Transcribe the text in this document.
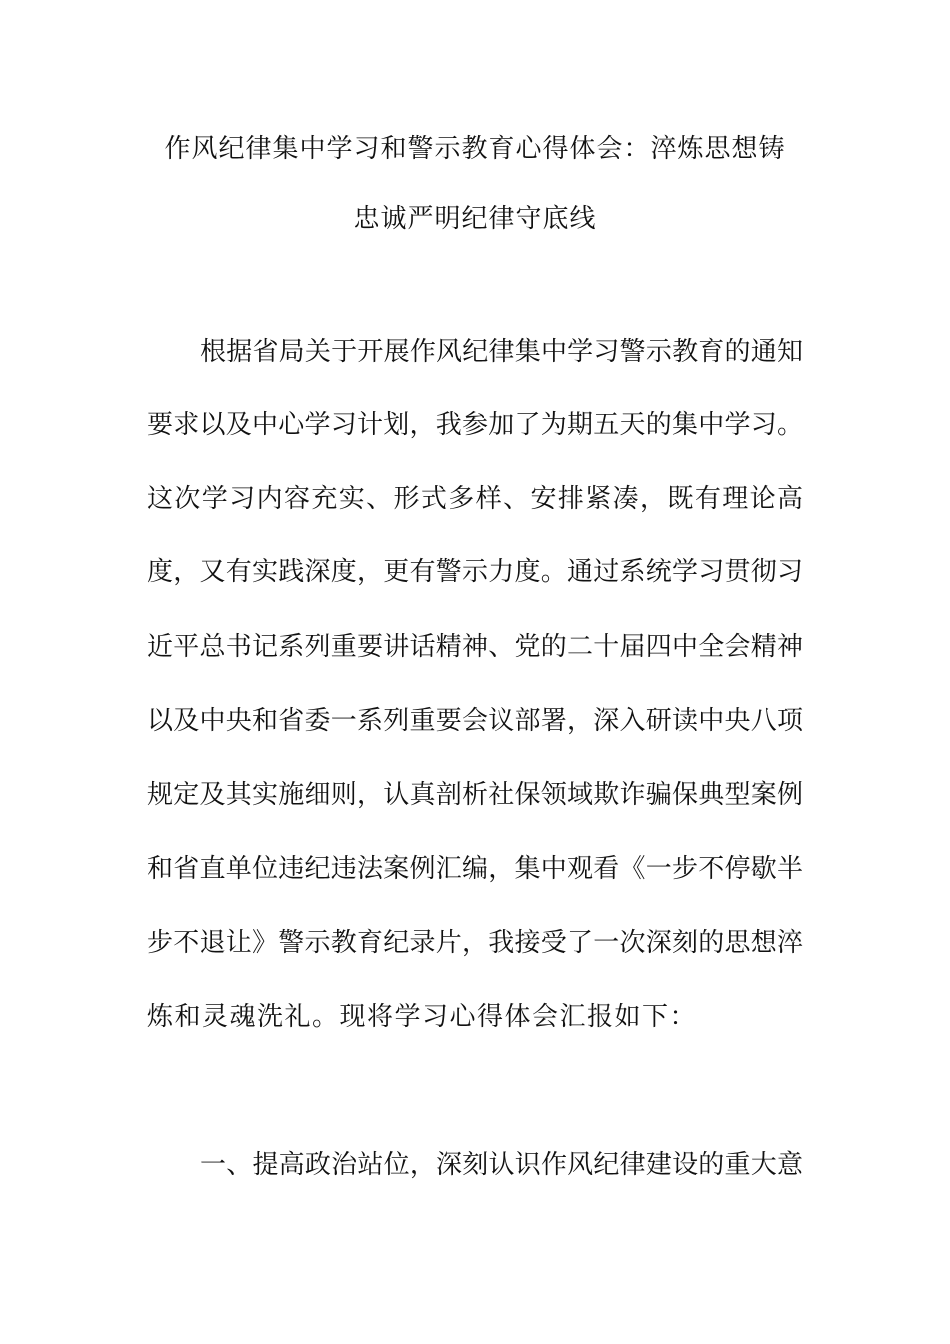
作风纪律集中学习和警示教育心得体会：淬炼思想铸
忠诚严明纪律守底线
根据省局关于开展作风纪律集中学习警示教育的通知
要求以及中心学习计划，我参加了为期五天的集中学习。
这次学习内容充实、形式多样、安排紧凑，既有理论高
度，又有实践深度，更有警示力度。通过系统学习贯彻习
近平总书记系列重要讲话精神、党的二十届四中全会精神
以及中央和省委一系列重要会议部署，深入研读中央八项
规定及其实施细则，认真剖析社保领域欺诈骗保典型案例
和省直单位违纪违法案例汇编，集中观看《一步不停歇半
步不退让》警示教育纪录片，我接受了一次深刻的思想淬
炼和灵魂洗礼。现将学习心得体会汇报如下：
一、提高政治站位，深刻认识作风纪律建设的重大意
